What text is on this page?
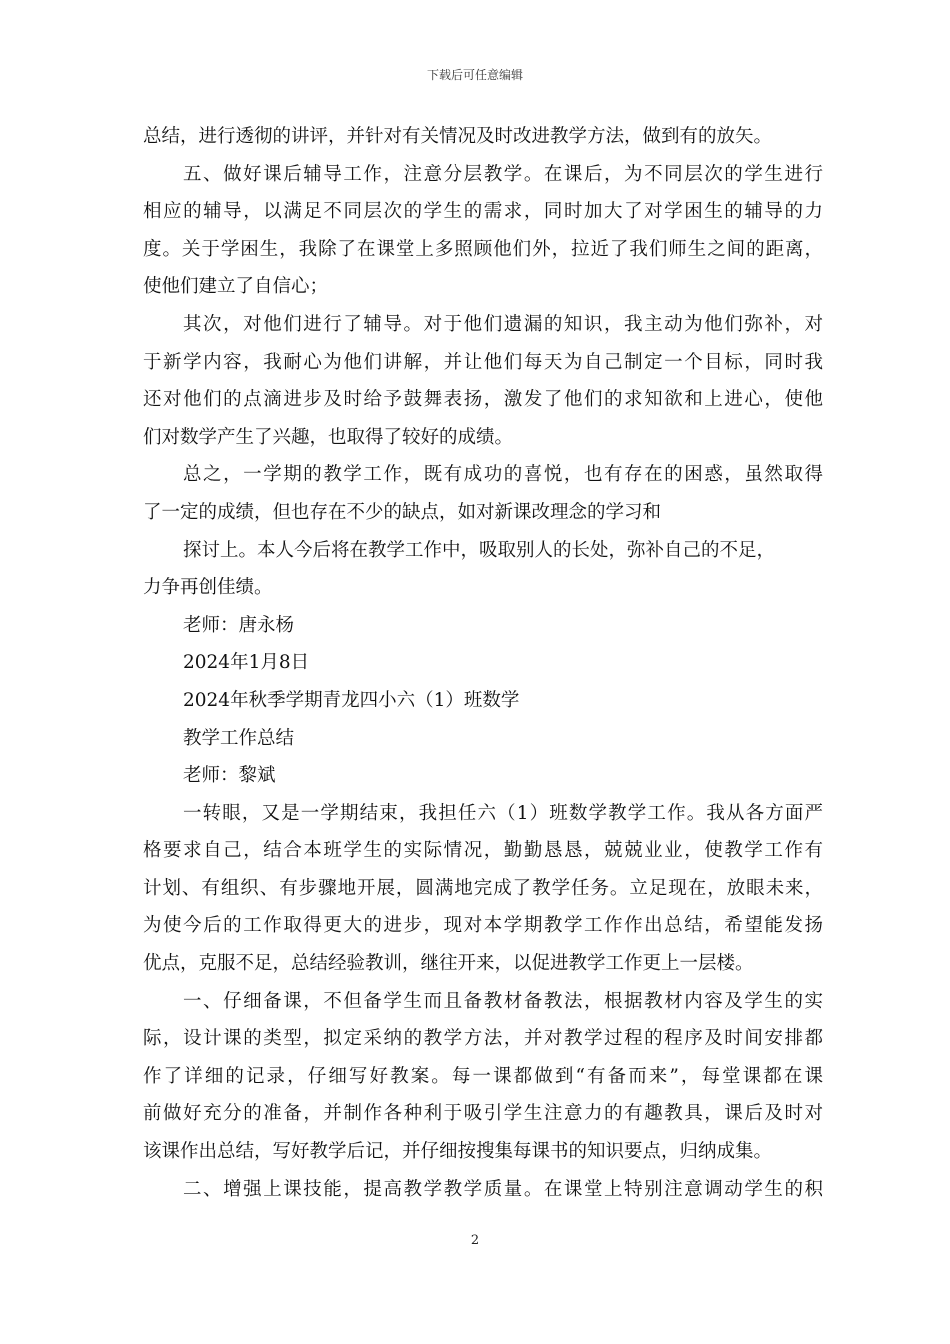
下载后可任意编辑
总结，进行透彻的讲评，并针对有关情况及时改进教学方法，做到有的放矢。
五、做好课后辅导工作，注意分层教学。在课后，为不同层次的学生进行
相应的辅导，以满足不同层次的学生的需求，同时加大了对学困生的辅导的力
度。关于学困生，我除了在课堂上多照顾他们外，拉近了我们师生之间的距离，
使他们建立了自信心；
其次，对他们进行了辅导。对于他们遗漏的知识，我主动为他们弥补，对
于新学内容，我耐心为他们讲解，并让他们每天为自己制定一个目标，同时我
还对他们的点滴进步及时给予鼓舞表扬，激发了他们的求知欲和上进心，使他
们对数学产生了兴趣，也取得了较好的成绩。
总之，一学期的教学工作，既有成功的喜悦，也有存在的困惑，虽然取得
了一定的成绩，但也存在不少的缺点，如对新课改理念的学习和
探讨上。本人今后将在教学工作中，吸取别人的长处，弥补自己的不足，
力争再创佳绩。
老师：唐永杨
2024年1月8日
2024年秋季学期青龙四小六（1）班数学
教学工作总结
老师：黎斌
一转眼，又是一学期结束，我担任六（1）班数学教学工作。我从各方面严
格要求自己，结合本班学生的实际情况，勤勤恳恳，兢兢业业，使教学工作有
计划、有组织、有步骤地开展，圆满地完成了教学任务。立足现在，放眼未来，
为使今后的工作取得更大的进步，现对本学期教学工作作出总结，希望能发扬
优点，克服不足，总结经验教训，继往开来，以促进教学工作更上一层楼。
一、仔细备课，不但备学生而且备教材备教法，根据教材内容及学生的实
际，设计课的类型，拟定采纳的教学方法，并对教学过程的程序及时间安排都
作了详细的记录，仔细写好教案。每一课都做到“有备而来”，每堂课都在课
前做好充分的准备，并制作各种利于吸引学生注意力的有趣教具，课后及时对
该课作出总结，写好教学后记，并仔细按搜集每课书的知识要点，归纳成集。
二、增强上课技能，提高教学教学质量。在课堂上特别注意调动学生的积
2
